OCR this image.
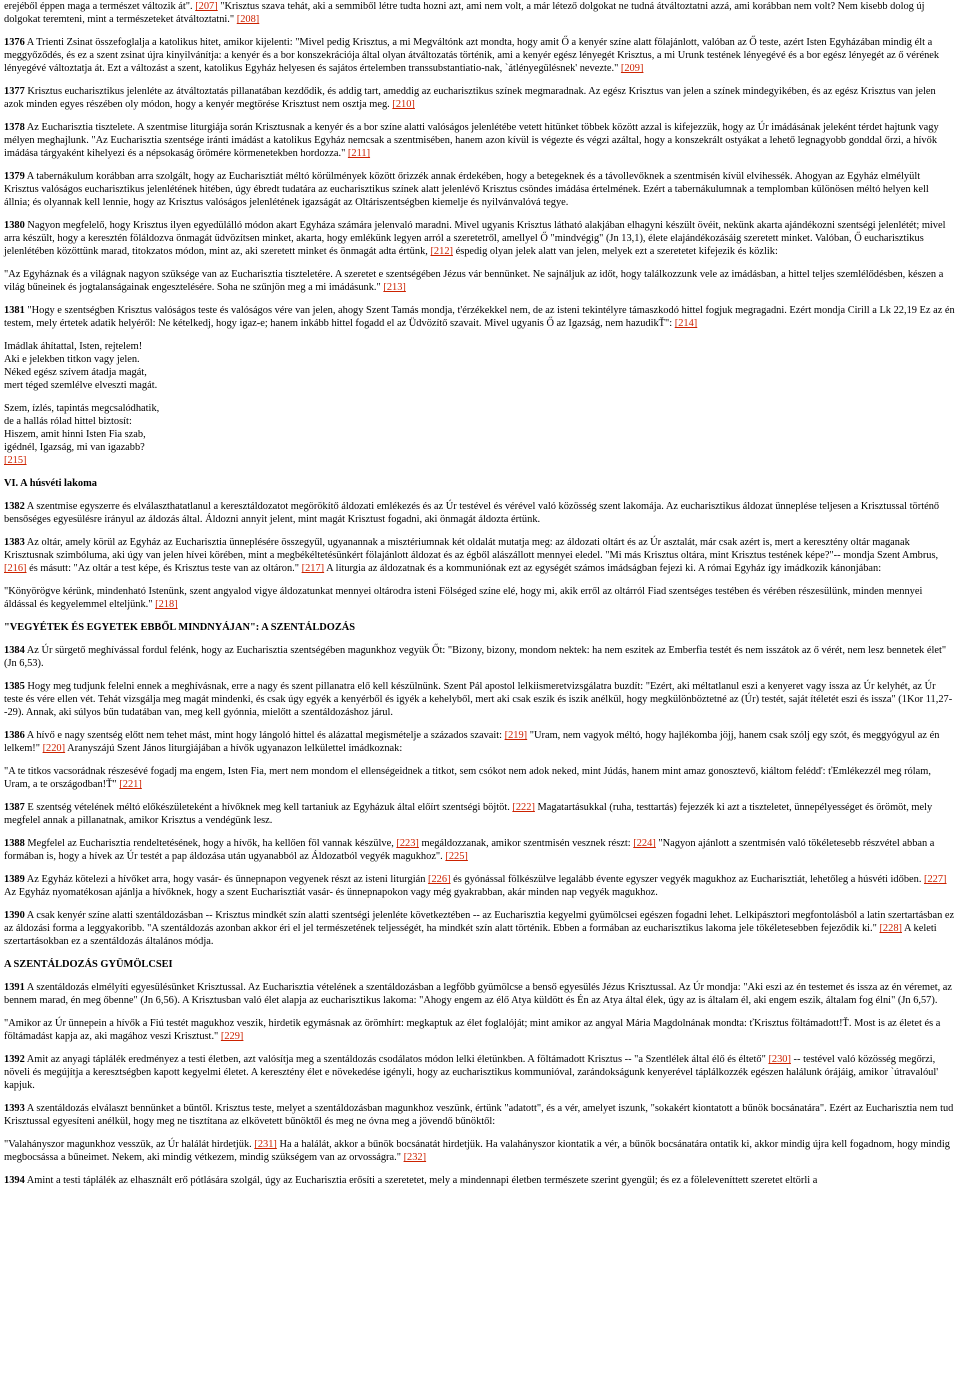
erejéből éppen maga a természet változik át". [207] "Krisztus szava tehát, aki a semmiből létre tudta hozni azt, ami nem volt, a már létező dolgokat ne tudná átváltoztatni azzá, ami korábban nem volt? Nem kisebb dolog új dolgokat teremteni, mint a természeteket átváltoztatni." [208]

1376 A Trienti Zsinat összefoglalja a katolikus hitet, amikor kijelenti: "Mivel pedig Krisztus, a mi Megváltónk azt mondta, hogy amit Ő a kenyér színe alatt fölajánlott, valóban az Ő teste, azért Isten Egyházában mindig élt a meggyőződés, és ez a szent zsinat újra kinyilvánítja: a kenyér és a bor konszekrációja által olyan átváltozatás történik, ami a kenyér egész lényegét Krisztus, a mi Urunk testének lényegévé és a bor egész lényegét az ő vérének lényegévé változtatja át. Ezt a változást a szent, katolikus Egyház helyesen és sajátos értelemben transsubstantiatio-nak, `átlényegülésnek' nevezte." [209]

1377 Krisztus eucharisztikus jelenléte az átváltoztatás pillanatában kezdődik, és addig tart, ameddig az eucharisztikus színek megmaradnak. Az egész Krisztus van jelen a színek mindegyikében, és az egész Krisztus van jelen azok minden egyes részében oly módon, hogy a kenyér megtörése Krisztust nem osztja meg. [210]

1378 Az Eucharisztia tisztelete. A szentmise liturgiája során Krisztusnak a kenyér és a bor színe alatti valóságos jelenlétébe vetett hitünket többek között azzal is kifejezzük, hogy az Úr imádásának jeleként térdet hajtunk vagy mélyen meghajlunk. "Az Eucharisztia szentsége iránti imádást a katolikus Egyház nemcsak a szentmisében, hanem azon kívül is végezte és végzi azáltal, hogy a konszekrált ostyákat a lehető legnagyobb gonddal őrzi, a hívők imádása tárgyaként kihelyezi és a népsokaság örömére körmenetekben hordozza." [211]

1379 A tabernákulum korábban arra szolgált, hogy az Eucharisztiát méltó körülmények között őrizzék annak érdekében, hogy a betegeknek és a távollevőknek a szentmisén kívül elvihessék. Ahogyan az Egyház elmélyült Krisztus valóságos eucharisztikus jelenlétének hitében, úgy ébredt tudatára az eucharisztikus színek alatt jelenlévő Krisztus csöndes imádása értelmének. Ezért a tabernákulumnak a templomban különösen méltó helyen kell állnia; és olyannak kell lennie, hogy az Krisztus valóságos jelenlétének igazságát az Oltáriszentségben kiemelje és nyilvánvalóvá tegye.

1380 Nagyon megfelelő, hogy Krisztus ilyen egyedülálló módon akart Egyháza számára jelenvaló maradni. Mivel ugyanis Krisztus látható alakjában elhagyni készült övéit, nekünk akarta ajándékozni szentségi jelenlétét; mivel arra készült, hogy a keresztén föláldozva önmagát üdvözítsen minket, akarta, hogy emlékünk legyen arról a szeretetről, amellyel Ő "mindvégig" (Jn 13,1), élete elajándékozásáig szeretett minket. Valóban, Ő eucharisztikus jelenlétében közöttünk marad, titokzatos módon, mint az, aki szeretett minket és önmagát adta értünk, [212] éspedig olyan jelek alatt van jelen, melyek ezt a szeretetet kifejezik és közlik:

"Az Egyháznak és a világnak nagyon szüksége van az Eucharisztia tiszteletére. A szeretet e szentségében Jézus vár bennünket. Ne sajnáljuk az időt, hogy találkozzunk vele az imádásban, a hittel teljes szemlélődésben, készen a világ bűneinek és jogtalanságainak engesztelésére. Soha ne szűnjön meg a mi imádásunk." [213]

1381 "Hogy e szentségben Krisztus valóságos teste és valóságos vére van jelen, ahogy Szent Tamás mondja, t'érzékekkel nem, de az isteni tekintélyre támaszkodó hittel fogjuk megragadni. Ezért mondja Cirill a Lk 22,19 Ez az én testem, mely értetek adatik helyéről: Ne kételkedj, hogy igaz-e; hanem inkább hittel fogadd el az Üdvözítő szavait. Mivel ugyanis Ő az Igazság, nem hazudikŤ": [214]

Imádlak áhítattal, Isten, rejtelem!
Aki e jelekben titkon vagy jelen.
Néked egész szívem átadja magát,
mert téged szemlélve elveszti magát.
Szem, ízlés, tapintás megcsalódhatik,
de a hallás rólad hittel biztosít:
Hiszem, amit hinni Isten Fia szab,
igédnél, Igazság, mi van igazabb?
[215]
VI. A húsvéti lakoma

1382 A szentmise egyszerre és elválaszthatatlanul a keresztáldozatot megörökítő áldozati emlékezés és az Úr testével és vérével való közösség szent lakomája. Az eucharisztikus áldozat ünneplése teljesen a Krisztussal történő bensőséges egyesülésre irányul az áldozás által. Áldozni annyit jelent, mint magát Krisztust fogadni, aki önmagát áldozta értünk.

1383 Az oltár, amely körül az Egyház az Eucharisztia ünneplésére összegyűl, ugyanannak a misztériumnak két oldalát mutatja meg: az áldozati oltárt és az Úr asztalát, már csak azért is, mert a keresztény oltár maganak Krisztusnak szimbóluma, aki úgy van jelen hívei körében, mint a megbékéltetésünkért fölajánlott áldozat és az égből alászállott mennyei eledel. "Mi más Krisztus oltára, mint Krisztus testének képe?"-- mondja Szent Ambrus, [216] és másutt: "Az oltár a test képe, és Krisztus teste van az oltáron." [217] A liturgia az áldozatnak és a kommuniónak ezt az egységét számos imádságban fejezi ki. A római Egyház így imádkozik kánonjában:

"Könyörögve kérünk, mindenható Istenünk, szent angyalod vigye áldozatunkat mennyei oltárodra isteni Fölséged színe elé, hogy mi, akik erről az oltárról Fiad szentséges testében és vérében részesülünk, minden mennyei áldással és kegyelemmel elteljünk." [218]

"VEGYÉTEK ÉS EGYETEK EBBŐL MINDNYÁJAN": A SZENTÁLDOZÁS

1384 Az Úr sürgető meghívással fordul felénk, hogy az Eucharisztia szentségében magunkhoz vegyük Őt: "Bizony, bizony, mondom nektek: ha nem eszitek az Emberfia testét és nem isszátok az ő vérét, nem lesz bennetek élet" (Jn 6,53).

1385 Hogy meg tudjunk felelni ennek a meghívásnak, erre a nagy és szent pillanatra elő kell készülnünk. Szent Pál apostol lelkiismeretvizsgálatra buzdít: "Ezért, aki méltatlanul eszi a kenyeret vagy issza az Úr kelyhét, az Úr teste és vére ellen vét. Tehát vizsgálja meg magát mindenki, és csak úgy egyék a kenyérből és igyék a kehelyből, mert aki csak eszik és iszik anélkül, hogy megkülönböztetné az (Úr) testét, saját ítéletét eszi és issza" (1Kor 11,27--29). Annak, aki súlyos bűn tudatában van, meg kell gyónnia, mielőtt a szentáldozáshoz járul.

1386 A hívő e nagy szentség előtt nem tehet mást, mint hogy lángoló hittel és alázattal megismételje a százados szavait: [219] "Uram, nem vagyok méltó, hogy hajlékomba jöjj, hanem csak szólj egy szót, és meggyógyul az én lelkem!" [220] Aranyszájú Szent János liturgiájában a hívők ugyanazon lelkülettel imádkoznak:

"A te titkos vacsorádnak részesévé fogadj ma engem, Isten Fia, mert nem mondom el ellenségeidnek a titkot, sem csókot nem adok neked, mint Júdás, hanem mint amaz gonosztevő, kiáltom felédď: ťEmlékezzél meg rólam, Uram, a te országodban!Ť" [221]

1387 E szentség vételének méltó előkészületeként a hívőknek meg kell tartaniuk az Egyházuk által előírt szentségi böjtöt. [222] Magatartásukkal (ruha, testtartás) fejezzék ki azt a tiszteletet, ünnepélyességet és örömöt, mely megfelel annak a pillanatnak, amikor Krisztus a vendégünk lesz.

1388 Megfelel az Eucharisztia rendeltetésének, hogy a hívők, ha kellően föl vannak készülve, [223] megáldozzanak, amikor szentmisén vesznek részt: [224] "Nagyon ajánlott a szentmisén való tökéletesebb részvétel abban a formában is, hogy a hívek az Úr testét a pap áldozása után ugyanabból az Áldozatból vegyék magukhoz". [225]

1389 Az Egyház kötelezi a hívőket arra, hogy vasár- és ünnepnapon vegyenek részt az isteni liturgián [226] és gyónással fölkészülve legalább évente egyszer vegyék magukhoz az Eucharisztiát, lehetőleg a húsvéti időben. [227] Az Egyház nyomatékosan ajánlja a hívőknek, hogy a szent Eucharisztiát vasár- és ünnepnapokon vagy még gyakrabban, akár minden nap vegyék magukhoz.

1390 A csak kenyér színe alatti szentáldozásban -- Krisztus mindkét szín alatti szentségi jelenléte következtében -- az Eucharisztia kegyelmi gyümölcsei egészen fogadni lehet. Lelkipásztori megfontolásból a latin szertartásban ez az áldozási forma a leggyakoribb. "A szentáldozás azonban akkor éri el jel természetének teljességét, ha mindkét szín alatt történik. Ebben a formában az eucharisztikus lakoma jele tökéletesebben fejeződik ki." [228] A keleti szertartásokban ez a szentáldozás általános módja.

A SZENTÁLDOZÁS GYÜMÖLCSEI

1391 A szentáldozás elmélyíti egyesülésünket Krisztussal. Az Eucharisztia vételének a szentáldozásban a legfőbb gyümölcse a benső egyesülés Jézus Krisztussal. Az Úr mondja: "Aki eszi az én testemet és issza az én véremet, az bennem marad, én meg őbenne" (Jn 6,56). A Krisztusban való élet alapja az eucharisztikus lakoma: "Ahogy engem az élő Atya küldött és Én az Atya által élek, úgy az is általam él, aki engem eszik, általam fog élni" (Jn 6,57).

"Amikor az Úr ünnepein a hívők a Fiú testét magukhoz veszik, hirdetik egymásnak az örömhírt: megkaptuk az élet foglalóját; mint amikor az angyal Mária Magdolnának mondta: ťKrisztus föltámadott!Ť. Most is az életet és a föltámadást kapja az, aki magához veszi Krisztust." [229]

1392 Amit az anyagi táplálék eredményez a testi életben, azt valósítja meg a szentáldozás csodálatos módon lelki életünkben. A föltámadott Krisztus -- "a Szentlélek által élő és éltető" [230] -- testével való közösség megőrzi, növeli és megújítja a keresztségben kapott kegyelmi életet. A keresztény élet e növekedése igényli, hogy az eucharisztikus kommunióval, zarándokságunk kenyerével táplálkozzék egészen halálunk órájáig, amikor `útravalóul' kapjuk.

1393 A szentáldozás elválaszt bennünket a bűntől. Krisztus teste, melyet a szentáldozásban magunkhoz veszünk, értünk "adatott", és a vér, amelyet iszunk, "sokakért kiontatott a bűnök bocsánatára". Ezért az Eucharisztia nem tud Krisztussal egyesíteni anélkül, hogy meg ne tisztítana az elkövetett bűnöktől és meg ne óvna meg a jövendő bűnöktől:

"Valahányszor magunkhoz vesszük, az Úr halálát hirdetjük. [231] Ha a halálát, akkor a bűnök bocsánatát hirdetjük. Ha valahányszor kiontatik a vér, a bűnök bocsánatára ontatik ki, akkor mindig újra kell fogadnom, hogy mindig megbocsássa a bűneimet. Nekem, aki mindig vétkezem, mindig szükségem van az orvosságra." [232]

1394 Amint a testi táplálék az elhasznált erő pótlására szolgál, úgy az Eucharisztia erősíti a szeretetet, mely a mindennapi életben természete szerint gyengül; és ez a föleleveníttett szeretet eltörli a
